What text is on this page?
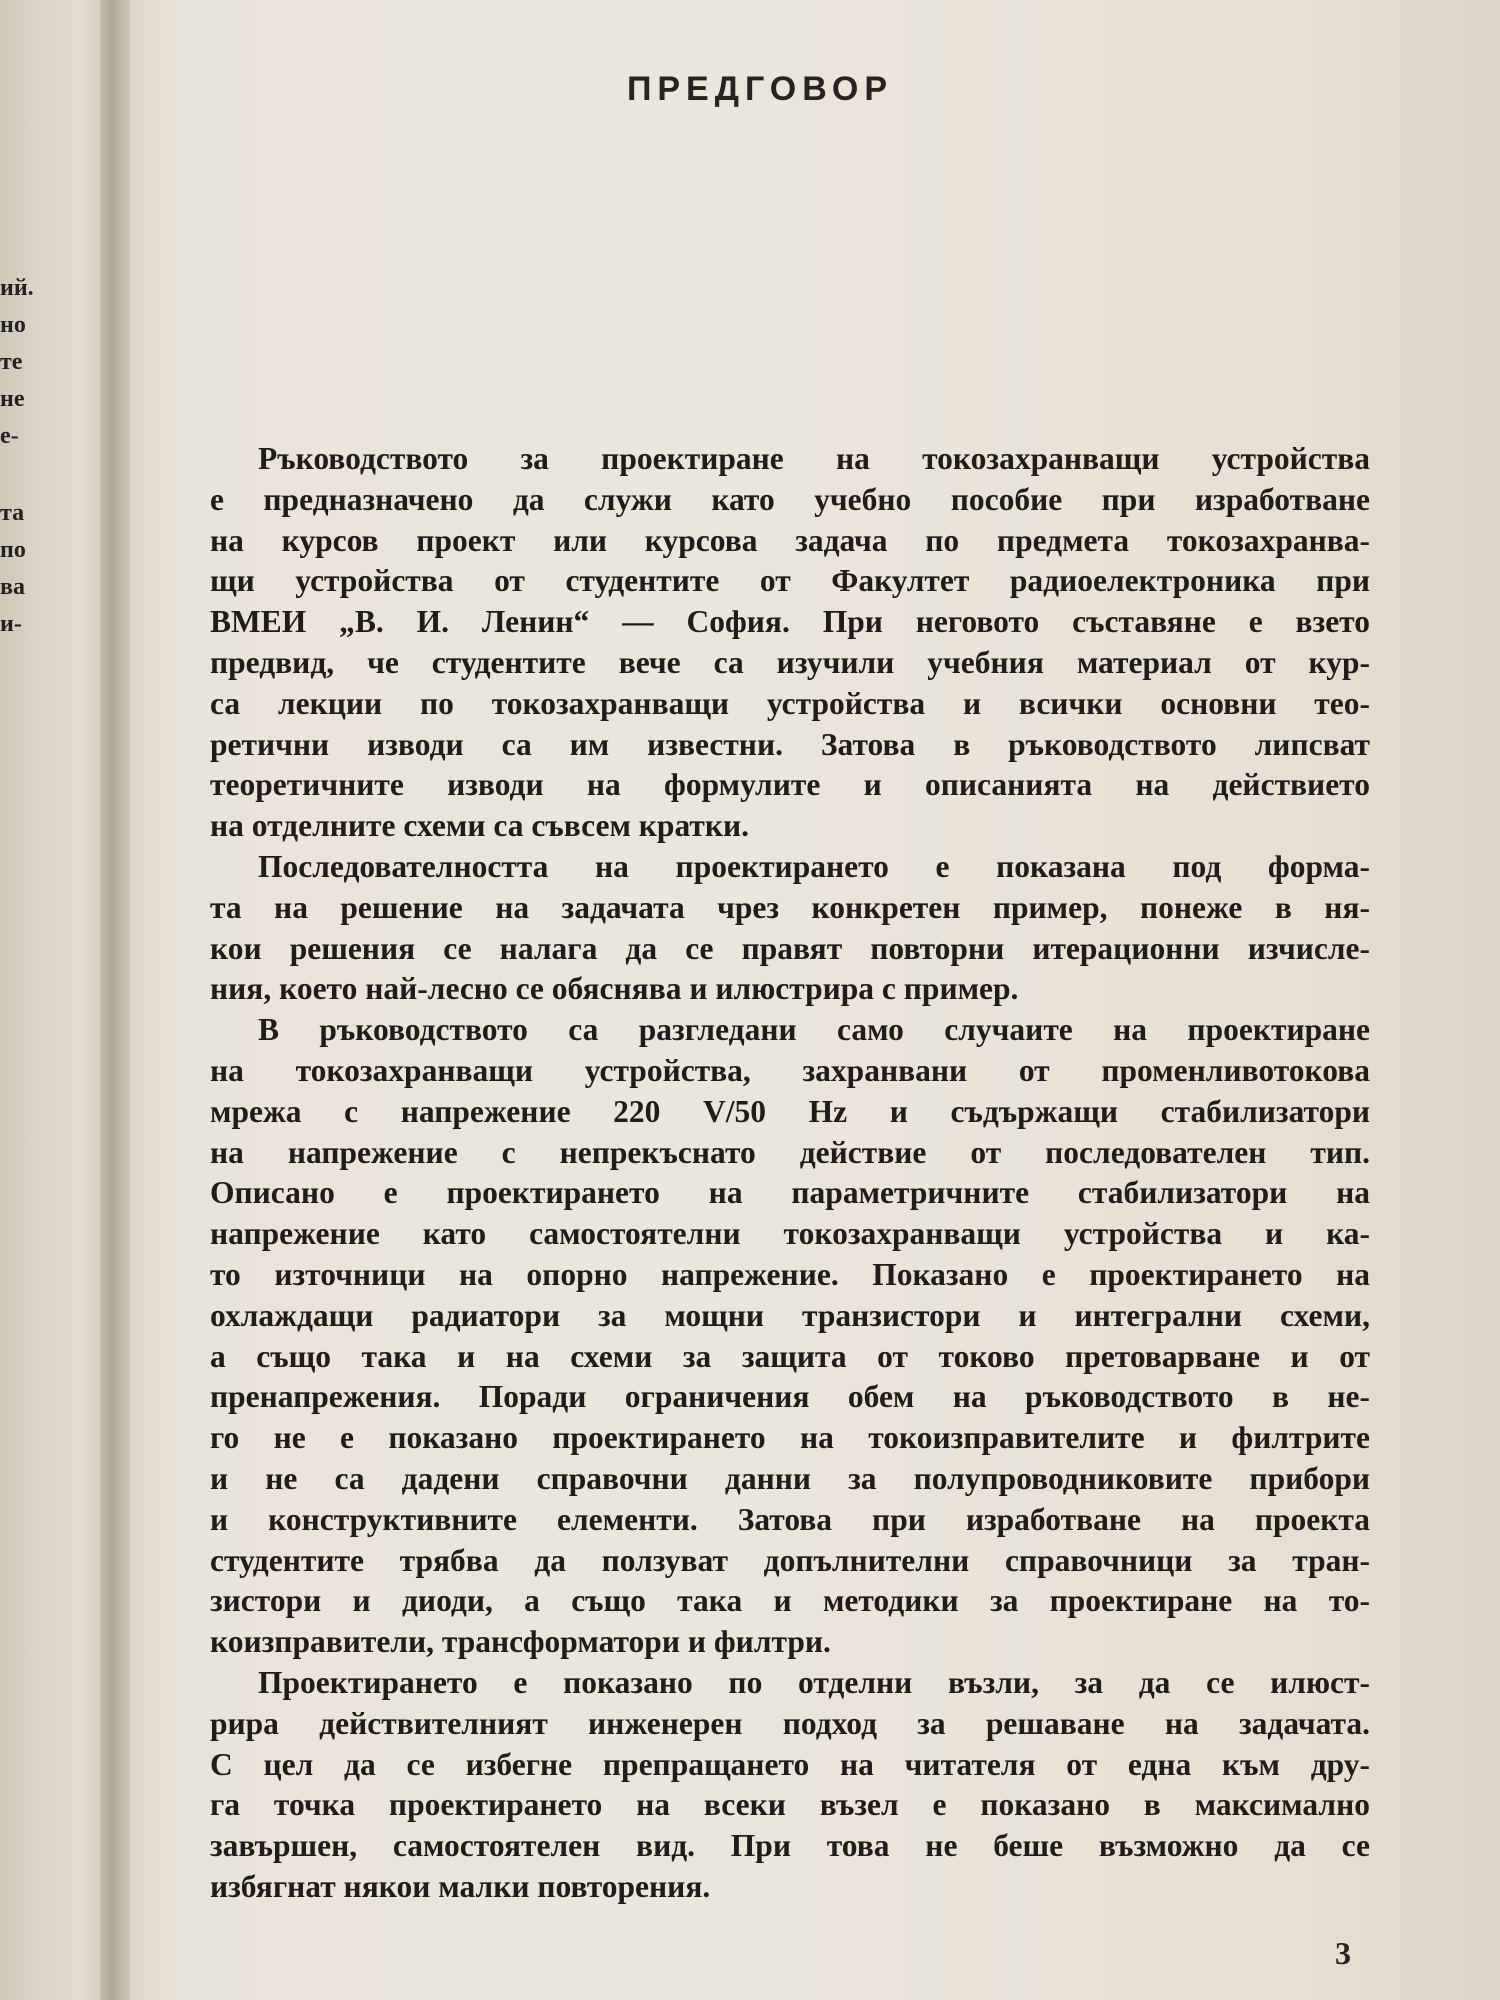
ий.
но
те
не
е-
та
по
ва
и-
ПРЕДГОВОР
Ръководството за проектиране на токозахранващи устройства
е предназначено да служи като учебно пособие при изработване
на курсов проект или курсова задача по предмета токозахранва-
щи устройства от студентите от Факултет радиоелектроника при
ВМЕИ „В. И. Ленин“ — София. При неговото съставяне е взето
предвид, че студентите вече са изучили учебния материал от кур-
са лекции по токозахранващи устройства и всички основни тео-
ретични изводи са им известни. Затова в ръководството липсват
теоретичните изводи на формулите и описанията на действието
на отделните схеми са съвсем кратки.
Последователността на проектирането е показана под форма-
та на решение на задачата чрез конкретен пример, понеже в ня-
кои решения се налага да се правят повторни итерационни изчисле-
ния, което най-лесно се обяснява и илюстрира с пример.
В ръководството са разгледани само случаите на проектиране
на токозахранващи устройства, захранвани от променливотокова
мрежа с напрежение 220 V/50 Hz и съдържащи стабилизатори
на напрежение с непрекъснато действие от последователен тип.
Описано е проектирането на параметричните стабилизатори на
напрежение като самостоятелни токозахранващи устройства и ка-
то източници на опорно напрежение. Показано е проектирането на
охлаждащи радиатори за мощни транзистори и интегрални схеми,
а също така и на схеми за защита от токово претоварване и от
пренапрежения. Поради ограничения обем на ръководството в не-
го не е показано проектирането на токоизправителите и филтрите
и не са дадени справочни данни за полупроводниковите прибори
и конструктивните елементи. Затова при изработване на проекта
студентите трябва да ползуват допълнителни справочници за тран-
зистори и диоди, а също така и методики за проектиране на то-
коизправители, трансформатори и филтри.
Проектирането е показано по отделни възли, за да се илюст-
рира действителният инженерен подход за решаване на задачата.
С цел да се избегне препращането на читателя от една към дру-
га точка проектирането на всеки възел е показано в максимално
завършен, самостоятелен вид. При това не беше възможно да се
избягнат някои малки повторения.
3
